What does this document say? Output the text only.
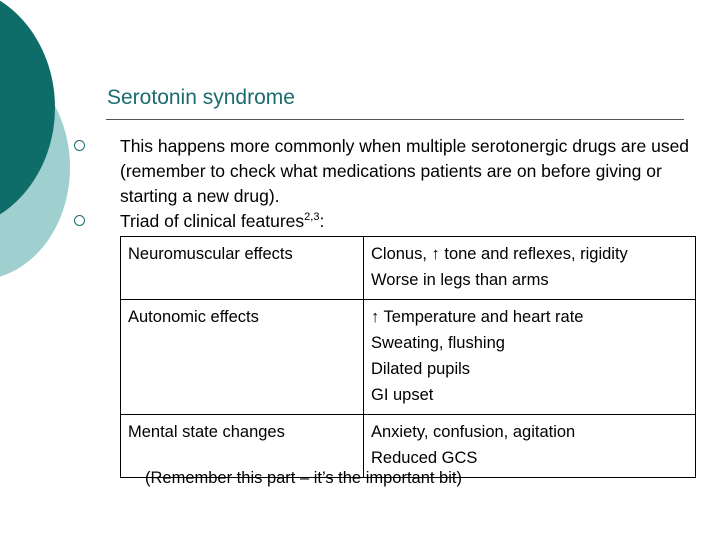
Serotonin syndrome
This happens more commonly when multiple serotonergic drugs are used (remember to check what medications patients are on before giving or starting a new drug).
Triad of clinical features$^{2,3}$:
Neuromuscular effects	Clonus, ↑ tone and reflexes, rigidity
Worse in legs than arms

Autonomic effects	↑ Temperature and heart rate
Sweating, flushing
Dilated pupils
GI upset

Mental state changes	Anxiety, confusion, agitation
Reduced GCS
(Remember this part – it’s the important bit)
